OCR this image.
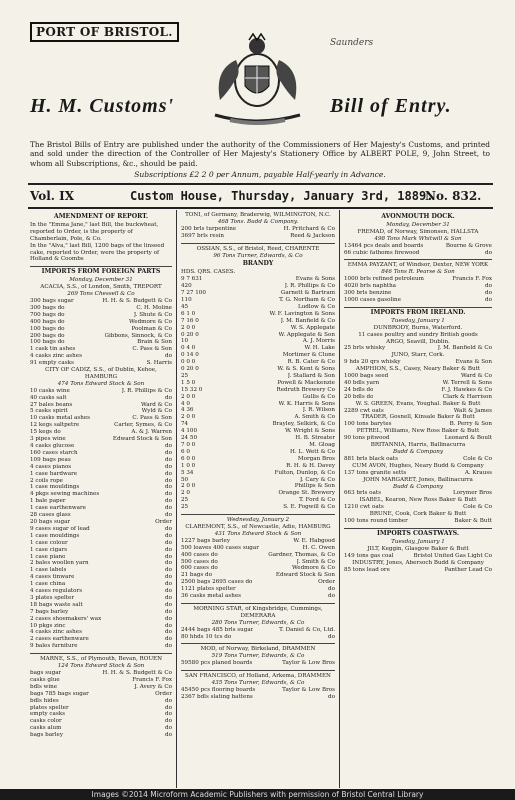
PORT OF BRISTOL.
Saunders
H. M. Customs'	Bill of Entry.
The Bristol Bills of Entry are published under the authority of the Commissioners of Her Majesty's Customs, and printed and sold under the direction of the Controller of Her Majesty's Stationery Office by ALBERT POLE, 9, John Street, to whom all Subscriptions, &c., should be paid.
Subscriptions £2 2 0 per Annum, payable Half-yearly in Advance.
Vol. IX	Custom House, Thursday, January 3rd, 1889.
No. 832.
AMENDMENT OF REPORT.
In the "Emma Jane," last Bill, the buckwheat, reported to Order, is the property of Chamberlain, Pole, & Co.
In the "Alva," last Bill, 1200 bags of the linseed cake, reported to Order, were the property of Holland & Coombs
IMPORTS FROM FOREIGN PARTS
Monday, December 31
ACACIA, S.S., of London, Smith, TREPORT
269 Tons Chessell & Co
300 bags sugar	H. H. & S. Budgett & Co
300 bags do	C. H. Moline
700 bags do	J. Shute & Co
400 bags do	Wedmore & Co
100 bags do	Poolman & Co
200 bags do	Gibbons, Sinnock, & Co
100 bags do	Brain & Son
1 cask tin ashes	C. Pass & Son
4 casks zinc ashes	do
91 empty casks	S. Harris
CITY OF CADIZ, S.S., of Dublin, Kehoe, HAMBURG
474 Tons Edward Stock & Son
10 casks wine	J. R. Phillips & Co
40 casks salt	do
27 bales beans	Ward & Co
5 casks spirit	Wyld & Co
10 casks metal ashes	C. Pass & Son
12 kegs saltpetre	Carter, Symes, & Co
15 kegs do	A. & J. Warren
3 pipes wine	Edward Stock & Son
4 casks glucose	do
160 cases starch	do
109 bags peas	do
4 cases pianos	do
1 case hardware	do
2 coils rope	do
1 case mouldings	do
4 pkgs sewing machines	do
1 bale paper	do
1 case earthenware	do
28 cases glass	do
20 bags sugar	Order
9 cases sugar of lead	do
1 case mouldings	do
1 case colour	do
1 case cigars	do
1 case piano	do
2 bales woollen yarn	do
1 case labels	do
4 cases tinware	do
1 case china	do
4 cases regulators	do
3 plates spelter	do
18 bags waste salt	do
7 bags barley	do
2 cases shoemakers' wax	do
10 pkgs zinc	do
4 casks zinc ashes	do
2 cases earthenware	do
9 bales furniture	do
MARNE, S.S., of Plymouth, Bevan, ROUEN
124 Tons Edward Stock & Son
bags sugar	H. H. & S. Budgett & Co
casks glue	Francis F. Fox
bdls wine	J. Avery & Co
bags 785 bags sugar	Order
bdls hides	do
plates spelter	do
empty casks	do
casks color	do
casks alum	do
bags barley	do
TONI, of Germany, Braderwig, WILMINGTON, N.C.
468 Tons. Budd & Company.
200 brls turpentine	H. Pritchard & Co
3697 brls resin	Reed & Jackson
OSSIAN, S.S., of Bristol, Reed, CHARENTE
96 Tons Turner, Edwards, & Co
BRANDY
HDS. QRS. CASES.
9 7 631	Evans & Sons
420	J. R. Phillips & Co
7 27 100	Garnett & Bartram
110	T. G. Northam & Co
45	Ludlow & Co
6 1 0	W. F. Lavington & Sons
7 16 0	J. M. Banfield & Co
2 0 0	W. S. Applegate
0 20 0	W. Applegate & Son
10	A. J. Morris
0 4 0	W. H. Lake
0 14 0	Mortimer & Clune
0 0 0	R. B. Cater & Co
0 20 0	W. & S. Kent & Sons
25	J. Stallard & Son
1 5 0	Powell & Mackenzie
15 32 0	Redruth Brewery Co
2 0 0	Gullis & Co
4 0	W. K. Harris & Sons
4 36	J. R. Wilson
2 0 0	A. Smith & Co
74	Brayley, Selkirk, & Co
4 100	W. Wright & Sons
24 50	H. B. Streater
7 0 0	M. Gloag
6 0	H. L. Wett & Co
6 0 0	Morgan Bros
1 0 0	R. H. & H. Davey
5 34	Fulton, Dunlop, & Co
50	J. Cary & Co
2 0 0	Phillips & Son
2 0	Orange St. Brewery
25	T. Ford & Co
25	S. E. Fogwill & Co
Wednesday, January 2
CLAREMONT, S.S., of Newcastle, Adie, HAMBURG
431 Tons Edward Stock & Son
1227 bags barley	W. E. Habgood
500 loaves 400 cases sugar	H. C. Owen
400 cases do	Gardner, Thomas, & Co
500 cases do	J. Smith & Co
600 cases do	Wedmore & Co
21 bags do	Edward Stock & Son
2500 bags 2695 cases do	Order
1121 plates spelter	do
36 casks metal ashes	do
MORNING STAR, of Kingsbridge, Cummings, DEMERARA
280 Tons Turner, Edwards, & Co
2444 bags 485 brls sugar	T. Daniel & Co, Ltd.
80 hhds 10 tcs do	do
MOD, of Norway, Birkeland, DRAMMEN
519 Tons Turner, Edwards, & Co
59580 pcs planed boards	Taylor & Low Bros
SAN FRANCISCO, of Holland, Arkema, DRAMMEN
435 Tons Turner, Edwards, & Co
45450 pcs flooring boards	Taylor & Low Bros
2367 bdls slating battens	do
AVONMOUTH DOCK.
Monday, December 31
FREMAD, of Norway, Simonsen, HALLSTA
498 Tons Mark Whitwill & Son
13464 pcs deals and boards	Bourne & Grove
66 cubic fathoms firewood	do
EMMA PAYZANT, of Windsor, Dexter, NEW YORK
846 Tons R. Pearse & Son
1000 brls refined petroleum	Francis F. Fox
4020 brls naphtha	do
300 brls benzine	do
1000 cases gasoline	do
IMPORTS FROM IRELAND.
Tuesday, January 1
DUNBRODY, Burns, Waterford.
11 cases poultry and sundry British goods
ARGO, Seavill, Dublin.
25 brls whisky	J. M. Banfield & Co
JUNO, Starr, Cork.
9 hds 20 qrs whisky	Evans & Son
AMPHION, S.S., Casey, Neary Baker & Butt
1000 bags seed	Ward & Co
40 bdls yarn	W. Terrell & Sons
24 bdls do	F. J. Hawkes & Co
20 bdls do	Clark & Harrison
W. S. GREEN, Evans, Youghal. Baker & Butt
2289 cwt oats	Walt & James
TRADER, Gosnell, Kinsale Baker & Butt
100 tons barytes	B. Perry & Son
PETREL, Williams, New Ross Baker & Butt
90 tons pitwood	Leonard & Boult
BRITANNIA, Harris, Ballinacurra
Budd & Company
881 brls black oats	Cole & Co
CUM AVON, Hughes, Neary Budd & Company
137 tons granite setts	A. Krauss
JOHN MARGARET, Jones, Ballinacurra
Budd & Company
663 brls oats	Lorymer Bros
ISABEL, Kearon, New Ross Baker & Butt
1210 cwt oats	Cole & Co
BRUNE, Cook, Cork Baker & Butt
100 tons round timber	Baker & Butt
IMPORTS COASTWAYS.
Tuesday, January 1
JILT, Keggin, Glasgow Baker & Butt
149 tons gas coal	Bristol United Gas Light Co
INDUSTRY, Jones, Abersoch Budd & Company
85 tons lead ore	Panther Lead Co
Images ©2014 Microform Academic Publishers with permission of Bristol Central Library
